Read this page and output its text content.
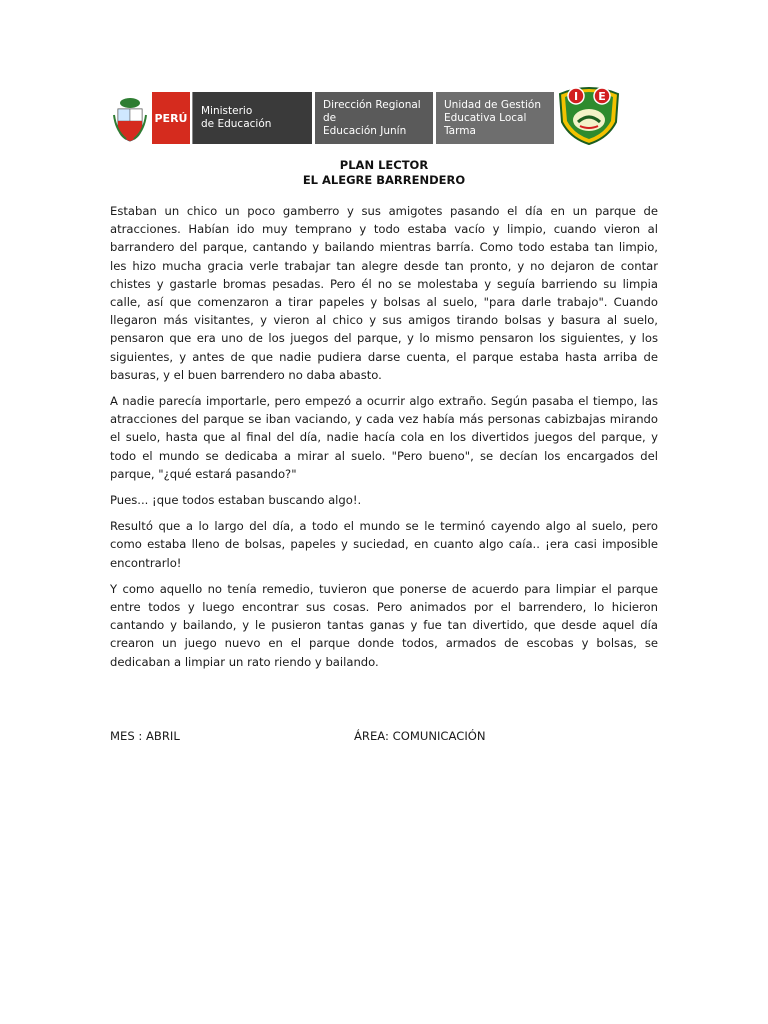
PERÚ
Ministerio
de Educación
Dirección Regional de
Educación Junín
Unidad de Gestión
Educativa Local Tarma
I E
PLAN LECTOR
EL ALEGRE BARRENDERO

Estaban un chico un poco gamberro y sus amigotes pasando el día en un parque de atracciones. Habían ido muy temprano y todo estaba vacío y limpio, cuando vieron al barrandero del parque, cantando y bailando mientras barría. Como todo estaba tan limpio, les hizo mucha gracia verle trabajar tan alegre desde tan pronto, y no dejaron de contar chistes y gastarle bromas pesadas. Pero él no se molestaba y seguía barriendo su limpia calle, así que comenzaron a tirar papeles y bolsas al suelo, "para darle trabajo". Cuando llegaron más visitantes, y vieron al chico y sus amigos tirando bolsas y basura al suelo, pensaron que era uno de los juegos del parque, y lo mismo pensaron los siguientes, y los siguientes, y antes de que nadie pudiera darse cuenta, el parque estaba hasta arriba de basuras, y el buen barrendero no daba abasto.

A nadie parecía importarle, pero empezó a ocurrir algo extraño. Según pasaba el tiempo, las atracciones del parque se iban vaciando, y cada vez había más personas cabizbajas mirando el suelo, hasta que al final del día, nadie hacía cola en los divertidos juegos del parque, y todo el mundo se dedicaba a mirar al suelo. "Pero bueno", se decían los encargados del parque, "¿qué estará pasando?"

Pues... ¡que todos estaban buscando algo!.

Resultó que a lo largo del día, a todo el mundo se le terminó cayendo algo al suelo, pero como estaba lleno de bolsas, papeles y suciedad, en cuanto algo caía.. ¡era casi imposible encontrarlo!

Y como aquello no tenía remedio, tuvieron que ponerse de acuerdo para limpiar el parque entre todos y luego encontrar sus cosas. Pero animados por el barrendero, lo hicieron cantando y bailando, y le pusieron tantas ganas y fue tan divertido, que desde aquel día crearon un juego nuevo en el parque donde todos, armados de escobas y bolsas, se dedicaban a limpiar un rato riendo y bailando.

MES : ABRIL	ÁREA: COMUNICACIÓN
